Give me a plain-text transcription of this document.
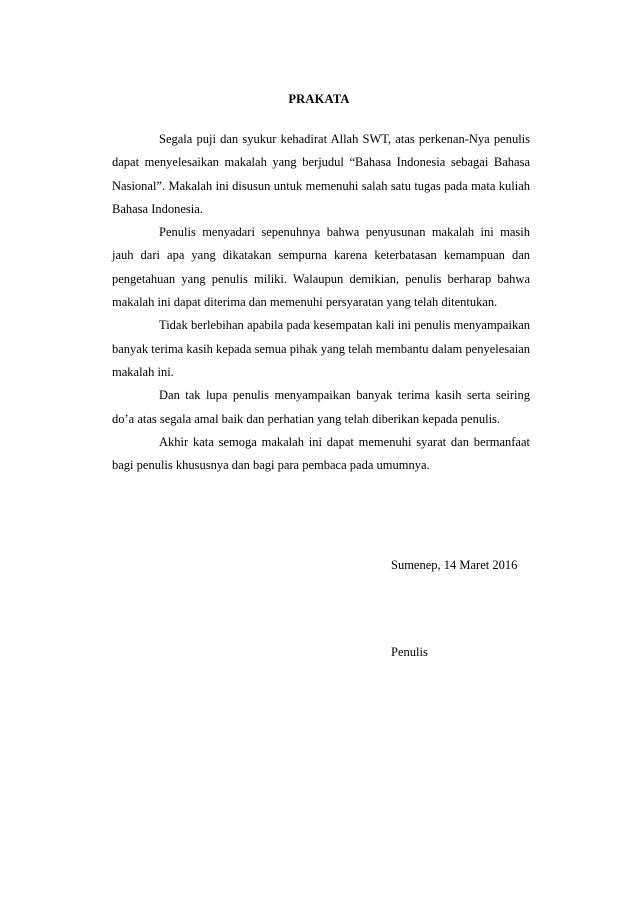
PRAKATA

Segala puji dan syukur kehadirat Allah SWT, atas perkenan-Nya penulis dapat menyelesaikan makalah yang berjudul “Bahasa Indonesia sebagai Bahasa Nasional”. Makalah ini disusun untuk memenuhi salah satu tugas pada mata kuliah Bahasa Indonesia.

Penulis menyadari sepenuhnya bahwa penyusunan makalah ini masih jauh dari apa yang dikatakan sempurna karena keterbatasan kemampuan dan pengetahuan yang penulis miliki. Walaupun demikian, penulis berharap bahwa makalah ini dapat diterima dan memenuhi persyaratan yang telah ditentukan.

Tidak berlebihan apabila pada kesempatan kali ini penulis menyampaikan banyak terima kasih kepada semua pihak yang telah membantu dalam penyelesaian makalah ini.

Dan tak lupa penulis menyampaikan banyak terima kasih serta seiring do’a atas segala amal baik dan perhatian yang telah diberikan kepada penulis.

Akhir kata semoga makalah ini dapat memenuhi syarat dan bermanfaat bagi penulis khususnya dan bagi para pembaca pada umumnya.

Sumenep, 14 Maret 2016
Penulis
